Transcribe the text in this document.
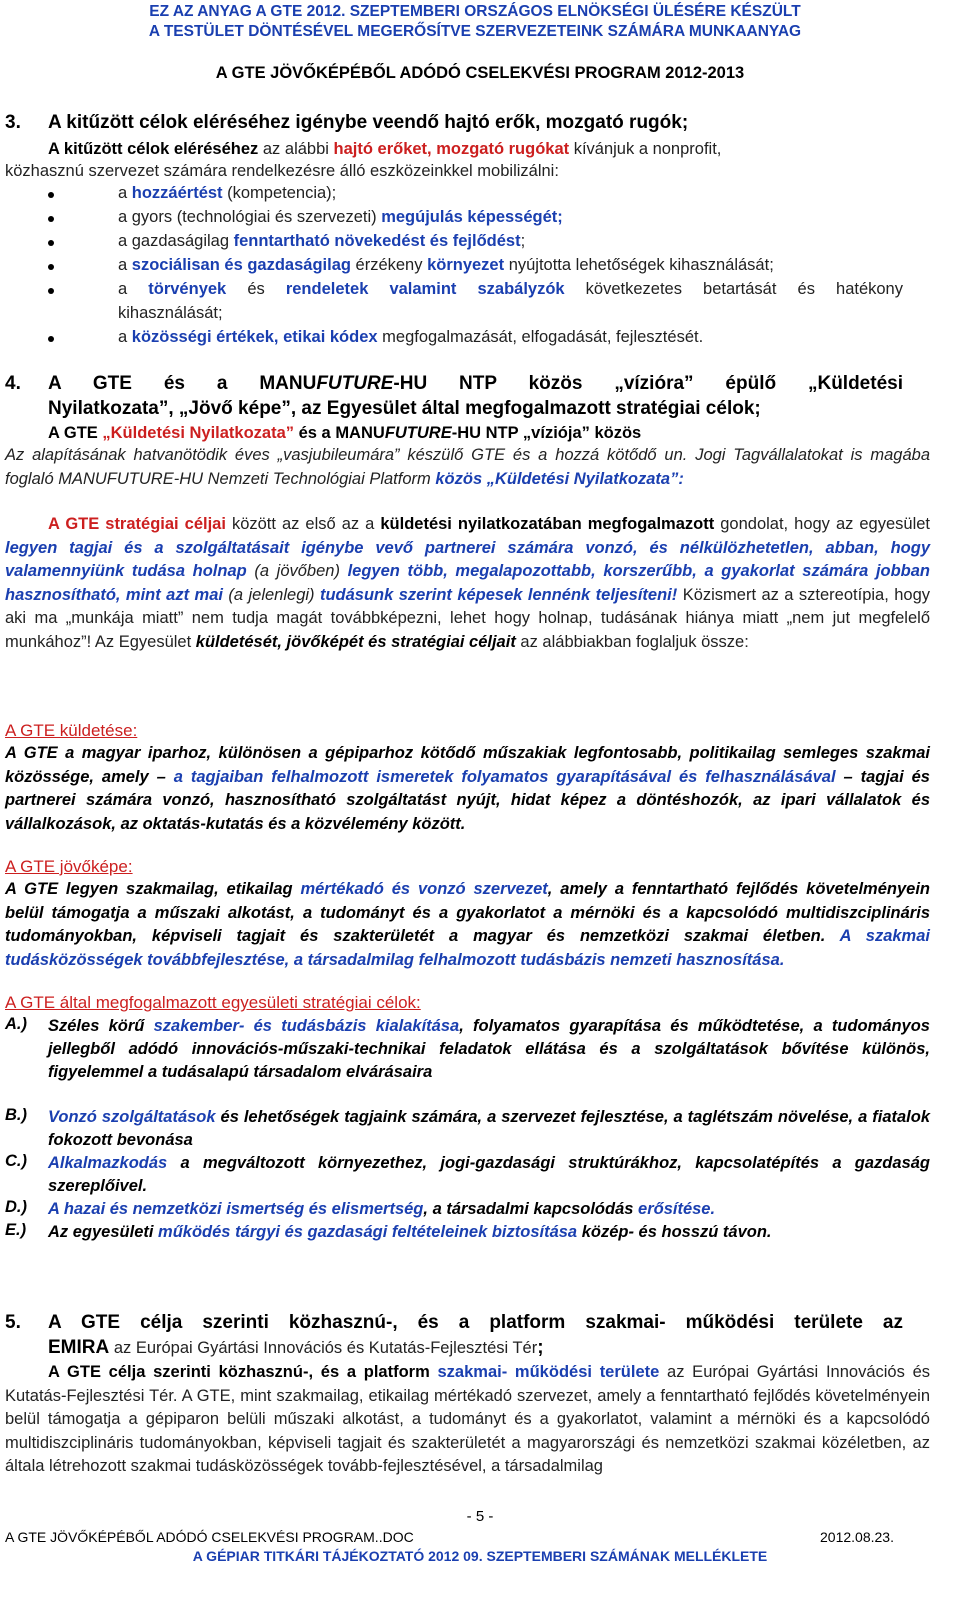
EZ AZ ANYAG A GTE 2012. SZEPTEMBERI ORSZÁGOS ELNÖKSÉGI ÜLÉSÉRE KÉSZÜLT
A TESTÜLET DÖNTÉSÉVEL MEGERŐSÍTVE SZERVEZETEINK SZÁMÁRA MUNKAANYAG
A GTE JÖVŐKÉPÉBŐL ADÓDÓ CSELEKVÉSI PROGRAM 2012-2013
3. A kitűzött célok eléréséhez igénybe veendő hajtó erők, mozgató rugók;
A kitűzött célok eléréséhez az alábbi hajtó erőket, mozgató rugókat kívánjuk a nonprofit,
közhasznú szervezet számára rendelkezésre álló eszközeinkkel mobilizálni:
a hozzáértést (kompetencia);
a gyors (technológiai és szervezeti) megújulás képességét;
a gazdaságilag fenntartható növekedést és fejlődést;
a szociálisan és gazdaságilag érzékeny környezet nyújtotta lehetőségek kihasználását;
a törvények és rendeletek valamint szabályzók következetes betartását és hatékony
kihasználását;
a közösségi értékek, etikai kódex megfogalmazását, elfogadását, fejlesztését.
4. A GTE és a MANUFUTURE-HU NTP közös „vízióra” épülő „Küldetési
Nyilatkozata”, „Jövő képe”, az Egyesület által megfogalmazott stratégiai célok;
A GTE „Küldetési Nyilatkozata” és a MANUFUTURE-HU NTP „víziója” közös
Az alapításának hatvanötödik éves „vasjubileumára” készülő GTE és a hozzá kötődő un. Jogi Tagvállalatokat is magába foglaló MANUFUTURE-HU Nemzeti Technológiai Platform közös „Küldetési Nyilatkozata”:
A GTE stratégiai céljai között az első az a küldetési nyilatkozatában megfogalmazott gondolat, hogy az egyesület legyen tagjai és a szolgáltatásait igénybe vevő partnerei számára vonzó, és nélkülözhetetlen, abban, hogy valamennyiünk tudása holnap (a jövőben) legyen több, megalapozottabb, korszerűbb, a gyakorlat számára jobban hasznosítható, mint azt mai (a jelenlegi) tudásunk szerint képesek lennénk teljesíteni! Közismert az a sztereotípia, hogy aki ma „munkája miatt” nem tudja magát továbbképezni, lehet hogy holnap, tudásának hiánya miatt „nem jut megfelelő munkához”! Az Egyesület küldetését, jövőképét és stratégiai céljait az alábbiakban foglaljuk össze:
A GTE küldetése:
A GTE a magyar iparhoz, különösen a gépiparhoz kötődő műszakiak legfontosabb, politikailag semleges szakmai közössége, amely – a tagjaiban felhalmozott ismeretek folyamatos gyarapításával és felhasználásával – tagjai és partnerei számára vonzó, hasznosítható szolgáltatást nyújt, hidat képez a döntéshozók, az ipari vállalatok és vállalkozások, az oktatás-kutatás és a közvélemény között.
A GTE jövőképe:
A GTE legyen szakmailag, etikailag mértékadó és vonzó szervezet, amely a fenntartható fejlődés követelményein belül támogatja a műszaki alkotást, a tudományt és a gyakorlatot a mérnöki és a kapcsolódó multidiszciplináris tudományokban, képviseli tagjait és szakterületét a magyar és nemzetközi szakmai életben. A szakmai tudásközösségek továbbfejlesztése, a társadalmilag felhalmozott tudásbázis nemzeti hasznosítása.
A GTE által megfogalmazott egyesületi stratégiai célok:
A.) Széles körű szakember- és tudásbázis kialakítása, folyamatos gyarapítása és működtetése, a tudományos jellegből adódó innovációs-műszaki-technikai feladatok ellátása és a szolgáltatások bővítése különös, figyelemmel a tudásalapú társadalom elvárásaira
B.) Vonzó szolgáltatások és lehetőségek tagjaink számára, a szervezet fejlesztése, a taglétszám növelése, a fiatalok fokozott bevonása
C.) Alkalmazkodás a megváltozott környezethez, jogi-gazdasági struktúrákhoz, kapcsolatépítés a gazdaság szereplőivel.
D.) A hazai és nemzetközi ismertség és elismertség, a társadalmi kapcsolódás erősítése.
E.) Az egyesületi működés tárgyi és gazdasági feltételeinek biztosítása közép- és hosszú távon.
5. A GTE célja szerinti közhasznú-, és a platform szakmai- működési területe az
EMIRA az Európai Gyártási Innovációs és Kutatás-Fejlesztési Tér;
A GTE célja szerinti közhasznú-, és a platform szakmai- működési területe az Európai Gyártási Innovációs és Kutatás-Fejlesztési Tér. A GTE, mint szakmailag, etikailag mértékadó szervezet, amely a fenntartható fejlődés követelményein belül támogatja a gépiparon belüli műszaki alkotást, a tudományt és a gyakorlatot, valamint a mérnöki és a kapcsolódó multidiszciplináris tudományokban, képviseli tagjait és szakterületét a magyarországi és nemzetközi szakmai közéletben, az általa létrehozott szakmai tudásközösségek tovább-fejlesztésével, a társadalmilag
- 5 -
A GTE JÖVŐKÉPÉBŐL ADÓDÓ CSELEKVÉSI PROGRAM..DOC	2012.08.23.
A GÉPIAR TITKÁRI TÁJÉKOZTATÓ 2012 09. SZEPTEMBERI SZÁMÁNAK MELLÉKLETE
